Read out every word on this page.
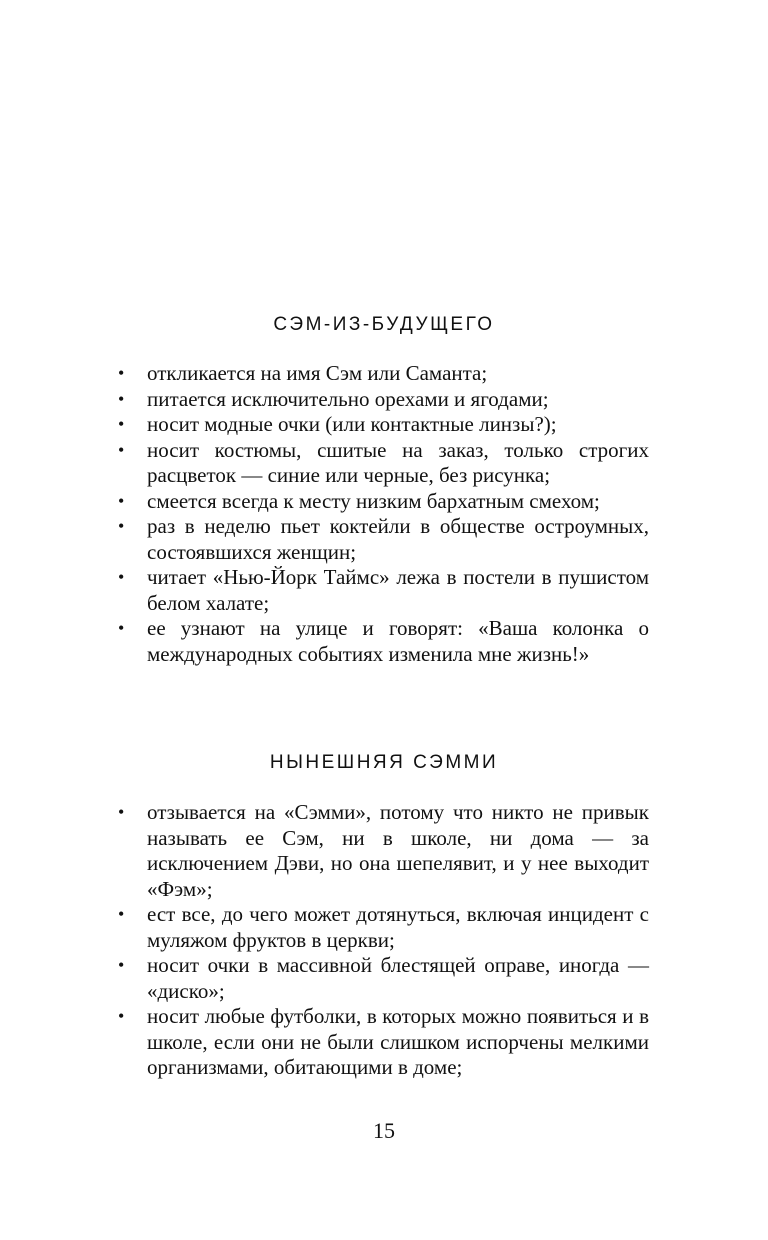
СЭМ-ИЗ-БУДУЩЕГО
•	откликается на имя Сэм или Саманта;
•	питается исключительно орехами и ягодами;
•	носит модные очки (или контактные линзы?);
•	носит костюмы, сшитые на заказ, только строгих расцветок — синие или черные, без рисунка;
•	смеется всегда к месту низким бархатным смехом;
•	раз в неделю пьет коктейли в обществе остроумных, состоявшихся женщин;
•	читает «Нью-Йорк Таймс» лежа в постели в пушистом белом халате;
•	ее узнают на улице и говорят: «Ваша колонка о международных событиях изменила мне жизнь!»
НЫНЕШНЯЯ СЭММИ
•	отзывается на «Сэмми», потому что никто не привык называть ее Сэм, ни в школе, ни дома — за исключением Дэви, но она шепелявит, и у нее выходит «Фэм»;
•	ест все, до чего может дотянуться, включая инцидент с муляжом фруктов в церкви;
•	носит очки в массивной блестящей оправе, иногда — «диско»;
•	носит любые футболки, в которых можно появиться и в школе, если они не были слишком испорчены мелкими организмами, обитающими в доме;
15
